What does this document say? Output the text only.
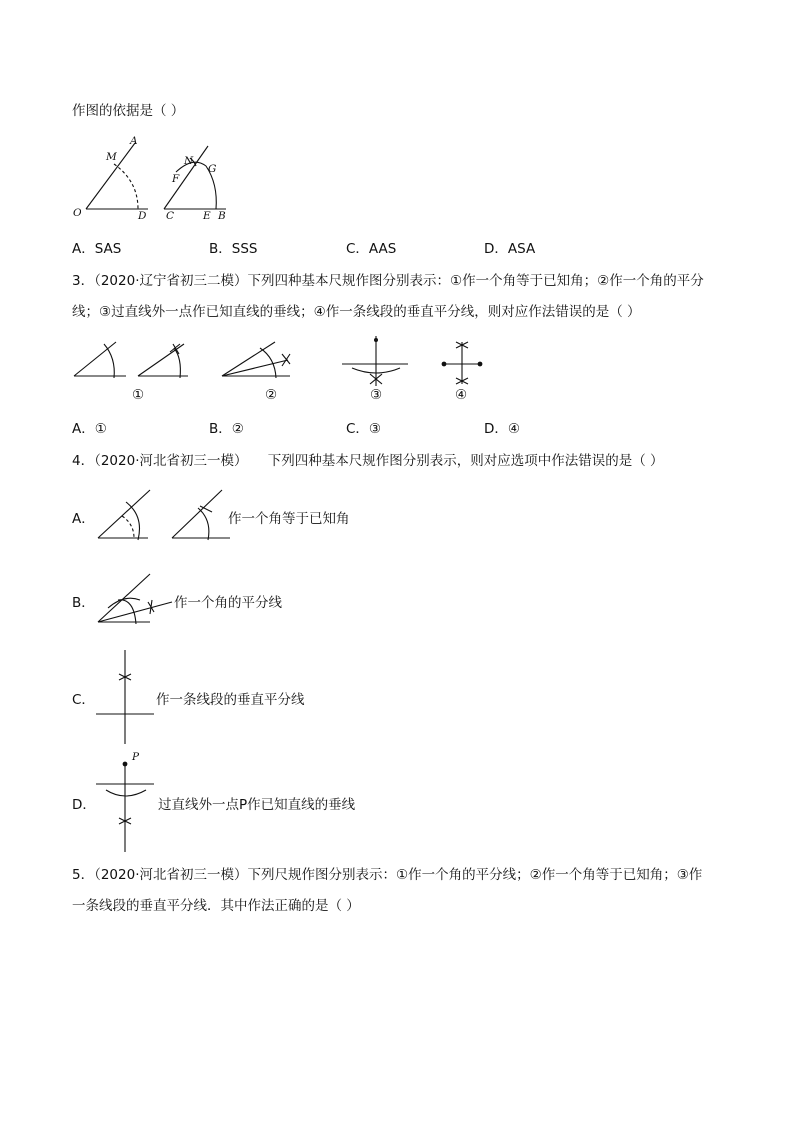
作图的依据是（ ）
A
M	N
G
F
O	D C	E B
A．SAS	B．SSS	C．AAS	D．ASA
3．（2020·辽宁省初三二模）下列四种基本尺规作图分别表示：①作一个角等于已知角；②作一个角的平分
线；③过直线外一点作已知直线的垂线；④作一条线段的垂直平分线，则对应作法错误的是（ ）
①	②	③	④
A．①	B．②	C．③	D．④
4．（2020·河北省初三一模）　　下列四种基本尺规作图分别表示，则对应选项中作法错误的是（ ）
A．	作一个角等于已知角
B．	作一个角的平分线
C．	作一条线段的垂直平分线
D．
P
过直线外一点P作已知直线的垂线
5．（2020·河北省初三一模）下列尺规作图分别表示：①作一个角的平分线；②作一个角等于已知角；③作
一条线段的垂直平分线．其中作法正确的是（ ）
